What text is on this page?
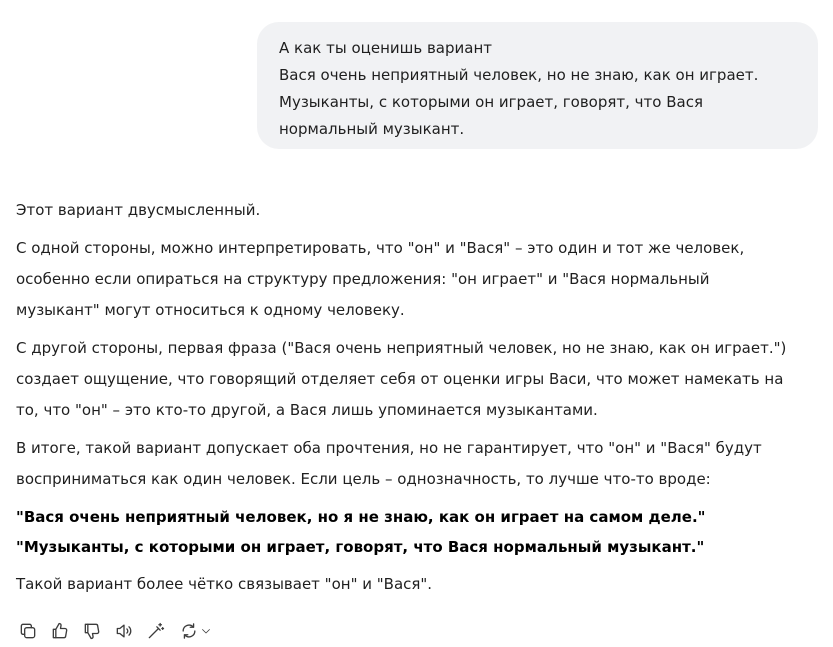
А как ты оценишь вариант
Вася очень неприятный человек, но не знаю, как он играет.
Музыканты, с которыми он играет, говорят, что Вася
нормальный музыкант.
Этот вариант двусмысленный.
С одной стороны, можно интерпретировать, что "он" и "Вася" – это один и тот же человек,
особенно если опираться на структуру предложения: "он играет" и "Вася нормальный
музыкант" могут относиться к одному человеку.
С другой стороны, первая фраза ("Вася очень неприятный человек, но не знаю, как он играет.")
создает ощущение, что говорящий отделяет себя от оценки игры Васи, что может намекать на
то, что "он" – это кто-то другой, а Вася лишь упоминается музыкантами.
В итоге, такой вариант допускает оба прочтения, но не гарантирует, что "он" и "Вася" будут
восприниматься как один человек. Если цель – однозначность, то лучше что-то вроде:
"Вася очень неприятный человек, но я не знаю, как он играет на самом деле."
"Музыканты, с которыми он играет, говорят, что Вася нормальный музыкант."
Такой вариант более чётко связывает "он" и "Вася".
